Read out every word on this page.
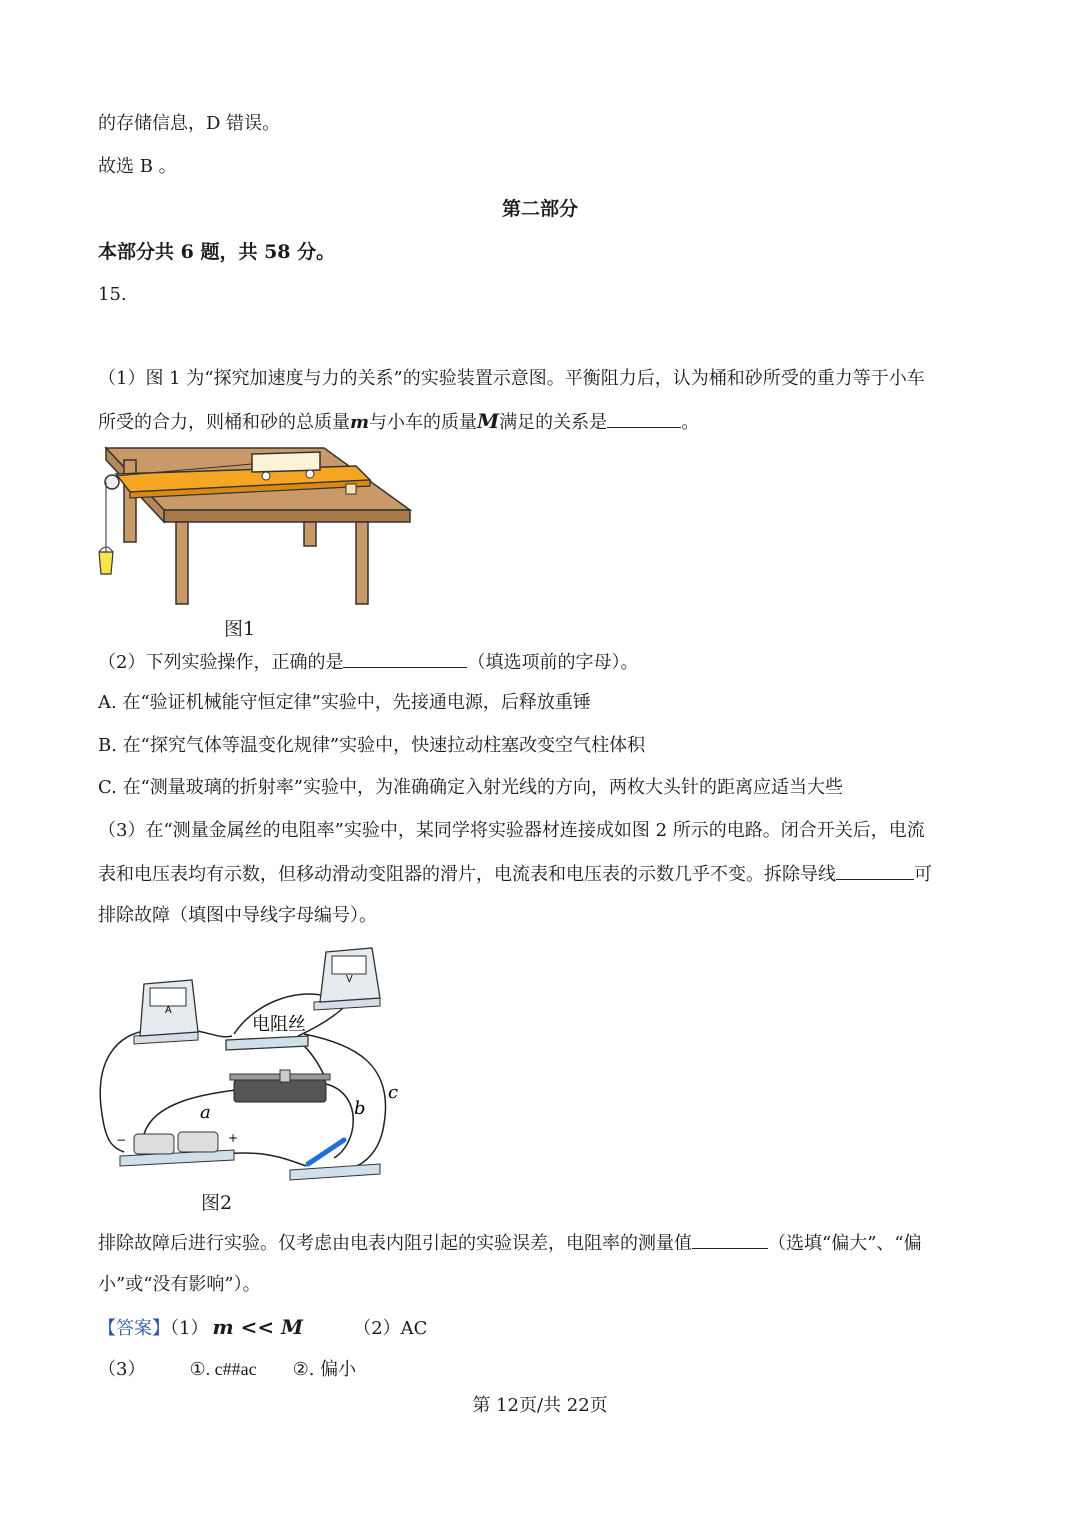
的存储信息，D 错误。
故选 B 。
第二部分
本部分共 6 题，共 58 分。
15.
（1）图 1 为“探究加速度与力的关系”的实验装置示意图。平衡阻力后，认为桶和砂所受的重力等于小车
所受的合力，则桶和砂的总质量m与小车的质量M满足的关系是	。
图1
（2）下列实验操作，正确的是	（填选项前的字母）。
A. 在“验证机械能守恒定律”实验中，先接通电源，后释放重锤
B. 在“探究气体等温变化规律”实验中，快速拉动柱塞改变空气柱体积
C. 在“测量玻璃的折射率”实验中，为准确确定入射光线的方向，两枚大头针的距离应适当大些
（3）在“测量金属丝的电阻率”实验中，某同学将实验器材连接成如图 2 所示的电路。闭合开关后，电流
表和电压表均有示数，但移动滑动变阻器的滑片，电流表和电压表的示数几乎不变。拆除导线	可
排除故障（填图中导线字母编号）。
A
V
电阻丝
−	+
a	b
c
图2
排除故障后进行实验。仅考虑由电表内阻引起的实验误差，电阻率的测量值	（选填“偏大”、“偏
小”或“没有影响”）。
【答案】（1） m << M	（2）AC
（3） ①. c##ac ②. 偏小
第 12页/共 22页
